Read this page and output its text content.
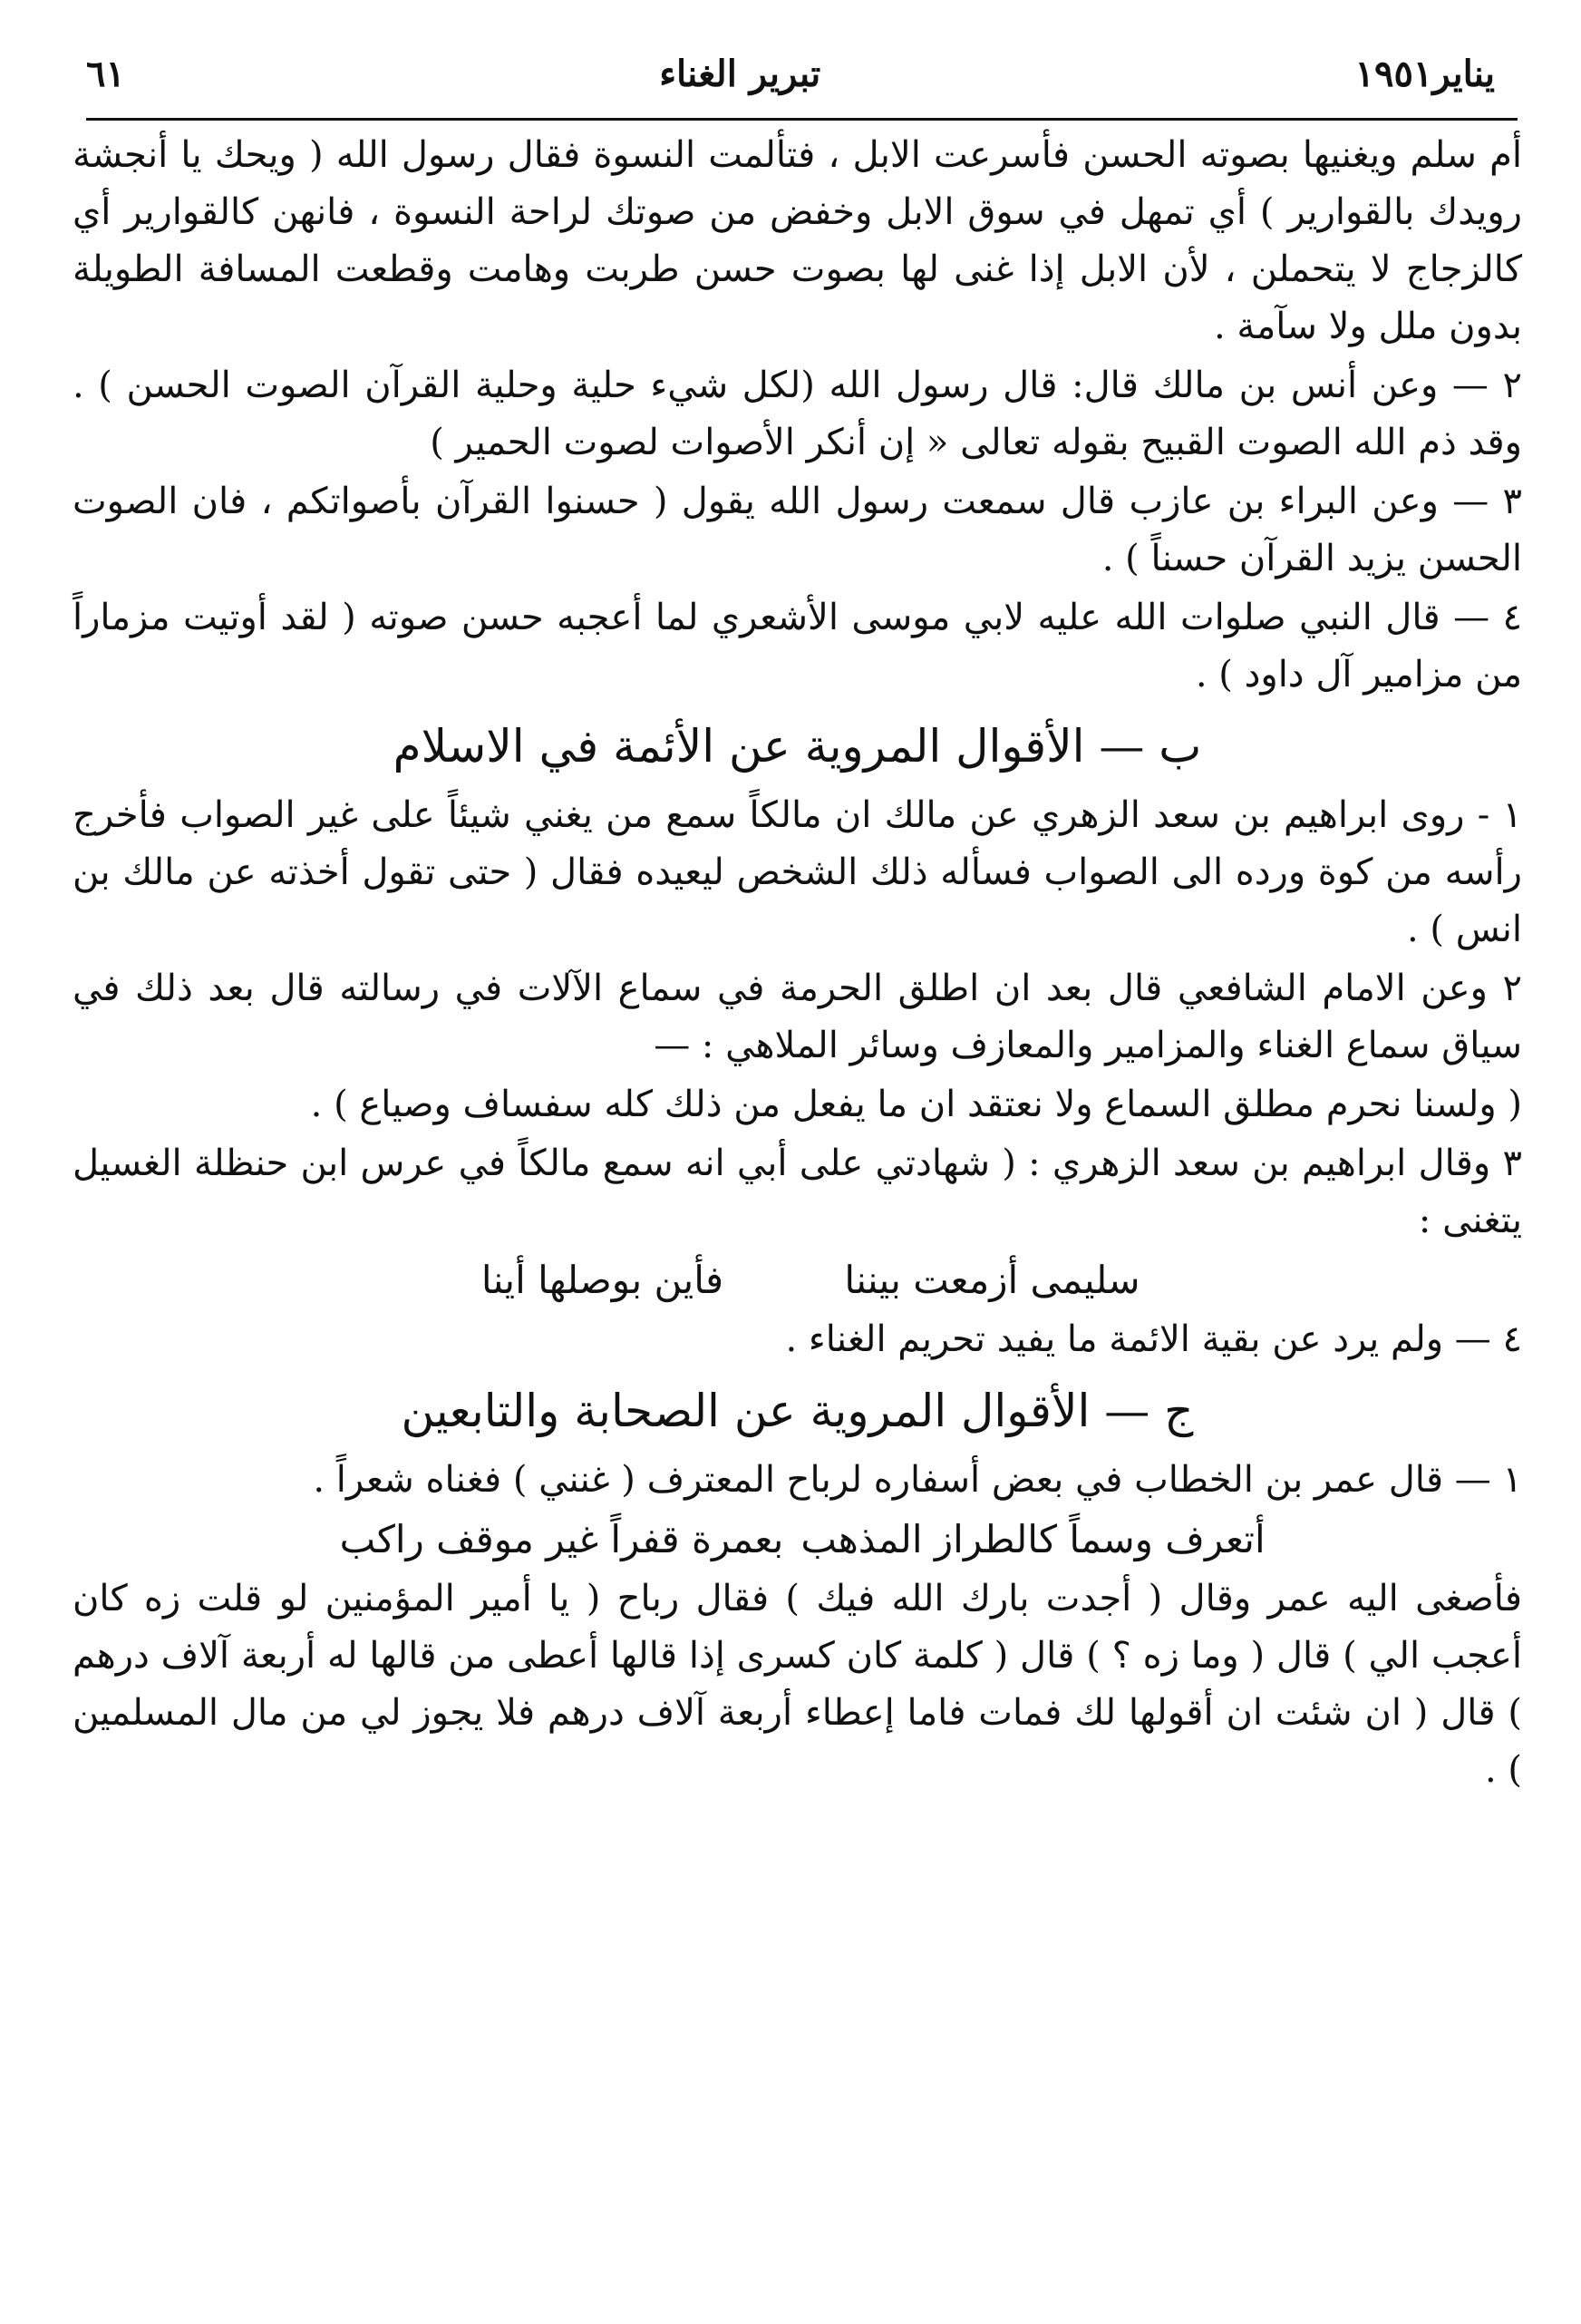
يناير١٩٥١
تبرير الغناء
٦١

أم سلم ويغنيها بصوته الحسن فأسرعت الابل ، فتألمت النسوة فقال رسول الله ( ويحك يا أنجشة رويدك بالقوارير ) أي تمهل في سوق الابل وخفض من صوتك لراحة النسوة ، فانهن كالقوارير أي كالزجاج لا يتحملن ، لأن الابل إذا غنى لها بصوت حسن طربت وهامت وقطعت المسافة الطويلة بدون ملل ولا سآمة .

٢ — وعن أنس بن مالك قال: قال رسول الله (لكل شيء حلية وحلية القرآن الصوت الحسن ) . وقد ذم الله الصوت القبيح بقوله تعالى « إن أنكر الأصوات لصوت الحمير )

٣ — وعن البراء بن عازب قال سمعت رسول الله يقول ( حسنوا القرآن بأصواتكم ، فان الصوت الحسن يزيد القرآن حسناً ) .

٤ — قال النبي صلوات الله عليه لابي موسى الأشعري لما أعجبه حسن صوته ( لقد أوتيت مزماراً من مزامير آل داود ) .

ب — الأقوال المروية عن الأئمة في الاسلام

١ - روى ابراهيم بن سعد الزهري عن مالك ان مالكاً سمع من يغني شيئاً على غير الصواب فأخرج رأسه من كوة ورده الى الصواب فسأله ذلك الشخص ليعيده فقال ( حتى تقول أخذته عن مالك بن انس ) .

٢ وعن الامام الشافعي قال بعد ان اطلق الحرمة في سماع الآلات في رسالته قال بعد ذلك في سياق سماع الغناء والمزامير والمعازف وسائر الملاهي : —

( ولسنا نحرم مطلق السماع ولا نعتقد ان ما يفعل من ذلك كله سفساف وصياع ) .

٣ وقال ابراهيم بن سعد الزهري : ( شهادتي على أبي انه سمع مالكاً في عرس ابن حنظلة الغسيل يتغنى :

سليمى أزمعت بيننا
فأين بوصلها أينا

٤ — ولم يرد عن بقية الائمة ما يفيد تحريم الغناء .

ج — الأقوال المروية عن الصحابة والتابعين

١ — قال عمر بن الخطاب في بعض أسفاره لرباح المعترف ( غنني ) فغناه شعراً .

أتعرف وسماً كالطراز المذهب
بعمرة قفراً غير موقف راكب

فأصغى اليه عمر وقال ( أجدت بارك الله فيك ) فقال رباح ( يا أمير المؤمنين لو قلت زه كان أعجب الي ) قال ( وما زه ؟ ) قال ( كلمة كان كسرى إذا قالها أعطى من قالها له أربعة آلاف درهم ) قال ( ان شئت ان أقولها لك فمات فاما إعطاء أربعة آلاف درهم فلا يجوز لي من مال المسلمين ) .
